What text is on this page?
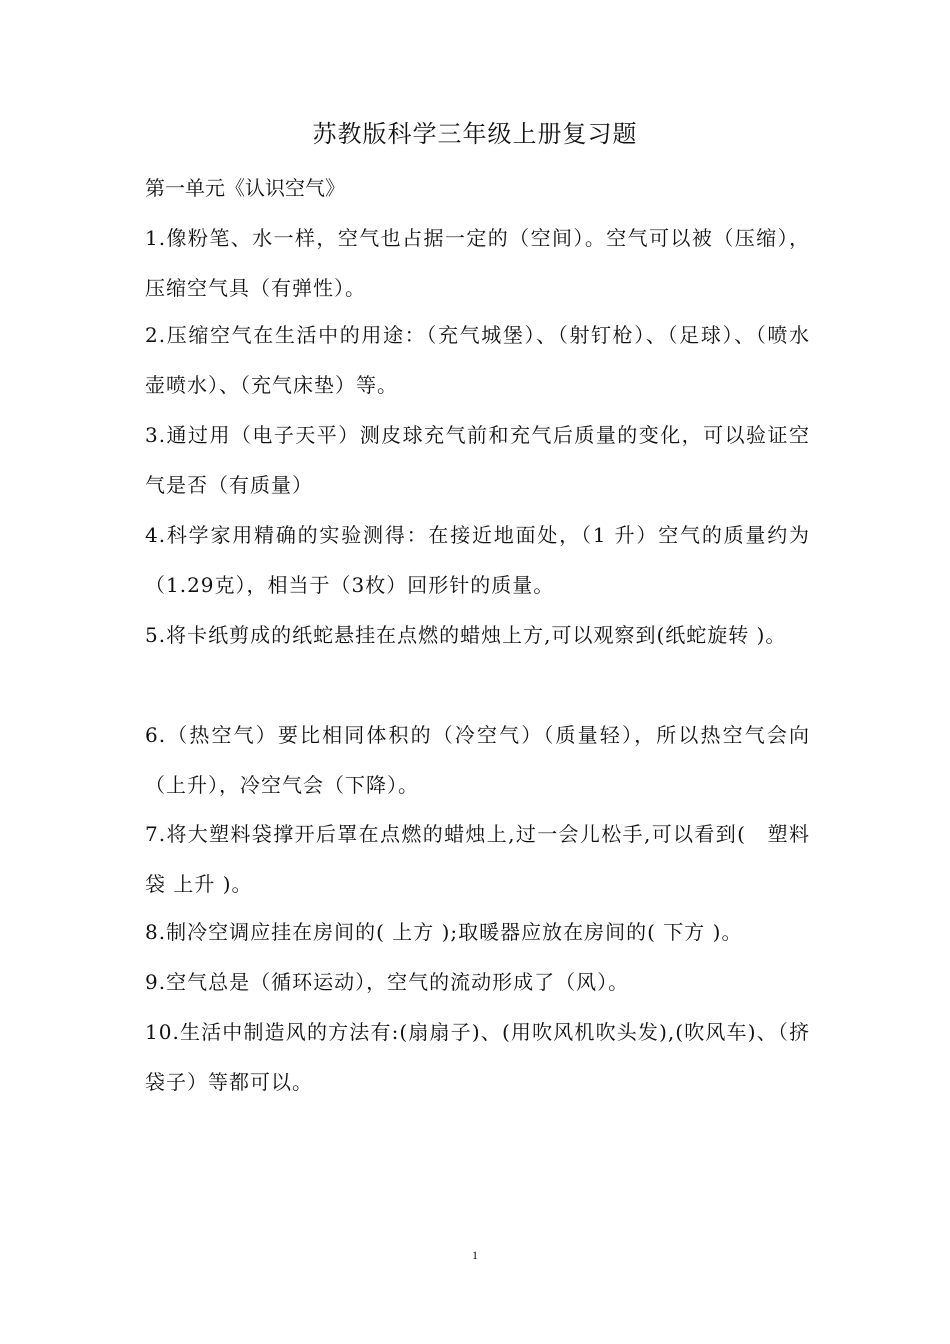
苏教版科学三年级上册复习题
第一单元《认识空气》
1.像粉笔、水一样，空气也占据一定的（空间）。空气可以被（压缩），压缩空气具（有弹性）。
2.压缩空气在生活中的用途：（充气城堡）、（射钉枪）、（足球）、（喷水壶喷水）、（充气床垫）等。
3.通过用（电子天平）测皮球充气前和充气后质量的变化，可以验证空气是否（有质量）
4.科学家用精确的实验测得：在接近地面处，（1 升）空气的质量约为（1.29克），相当于（3枚）回形针的质量。
5.将卡纸剪成的纸蛇悬挂在点燃的蜡烛上方,可以观察到(纸蛇旋转 )。
6.（热空气）要比相同体积的（冷空气）（质量轻），所以热空气会向（上升），冷空气会（下降）。
7.将大塑料袋撑开后罩在点燃的蜡烛上,过一会儿松手,可以看到(　塑料袋 上升 )。
8.制冷空调应挂在房间的( 上方 );取暖器应放在房间的( 下方 )。
9.空气总是（循环运动），空气的流动形成了（风）。
10.生活中制造风的方法有:(扇扇子)、(用吹风机吹头发),(吹风车)、（挤袋子）等都可以。
1
